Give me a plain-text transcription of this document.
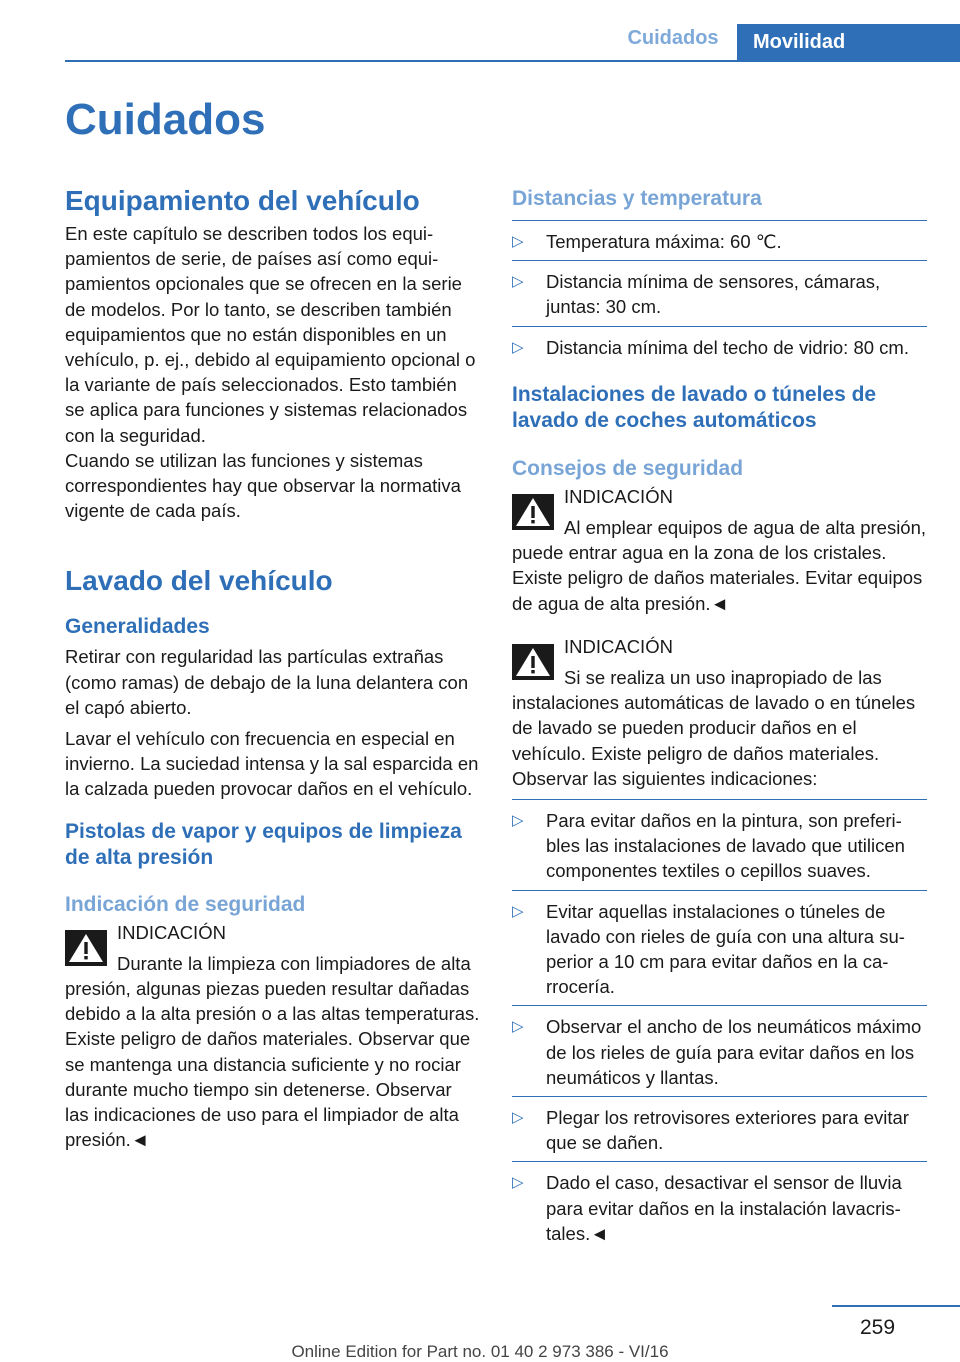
Cuidados	Movilidad
Cuidados
Equipamiento del vehículo

En este capítulo se describen todos los equipamientos de serie, de países así como equipamientos opcionales que se ofrecen en la serie de modelos. Por lo tanto, se describen también equipamientos que no están disponibles en un vehículo, p. ej., debido al equipamiento opcional o la variante de país seleccionados. Esto también se aplica para funciones y sistemas relacionados con la seguridad.

Cuando se utilizan las funciones y sistemas correspondientes hay que observar la normativa vigente de cada país.

Lavado del vehículo
Generalidades

Retirar con regularidad las partículas extrañas (como ramas) de debajo de la luna delantera con el capó abierto.

Lavar el vehículo con frecuencia en especial en invierno. La suciedad intensa y la sal esparcida en la calzada pueden provocar daños en el vehículo.

Pistolas de vapor y equipos de limpieza de alta presión
Indicación de seguridad
INDICACIÓN

Durante la limpieza con limpiadores de alta presión, algunas piezas pueden resultar dañadas debido a la alta presión o a las altas temperaturas. Existe peligro de daños materiales. Observar que se mantenga una distancia suficiente y no rociar durante mucho tiempo sin detenerse. Observar las indicaciones de uso para el limpiador de alta presión.◄

Distancias y temperatura
▷ Temperatura máxima: 60 ℃.
▷ Distancia mínima de sensores, cámaras, juntas: 30 cm.
▷ Distancia mínima del techo de vidrio: 80 cm.
Instalaciones de lavado o túneles de lavado de coches automáticos
Consejos de seguridad
INDICACIÓN

Al emplear equipos de agua de alta presión, puede entrar agua en la zona de los cristales. Existe peligro de daños materiales. Evitar equipos de agua de alta presión.◄

INDICACIÓN

Si se realiza un uso inapropiado de las instalaciones automáticas de lavado o en túneles de lavado se pueden producir daños en el vehículo. Existe peligro de daños materiales. Observar las siguientes indicaciones:

▷ Para evitar daños en la pintura, son preferibles las instalaciones de lavado que utilicen componentes textiles o cepillos suaves.
▷ Evitar aquellas instalaciones o túneles de lavado con rieles de guía con una altura superior a 10 cm para evitar daños en la carrocería.
▷ Observar el ancho de los neumáticos máximo de los rieles de guía para evitar daños en los neumáticos y llantas.
▷ Plegar los retrovisores exteriores para evitar que se dañen.
▷ Dado el caso, desactivar el sensor de lluvia para evitar daños en la instalación lavacristales.◄
259
Online Edition for Part no. 01 40 2 973 386 - VI/16
